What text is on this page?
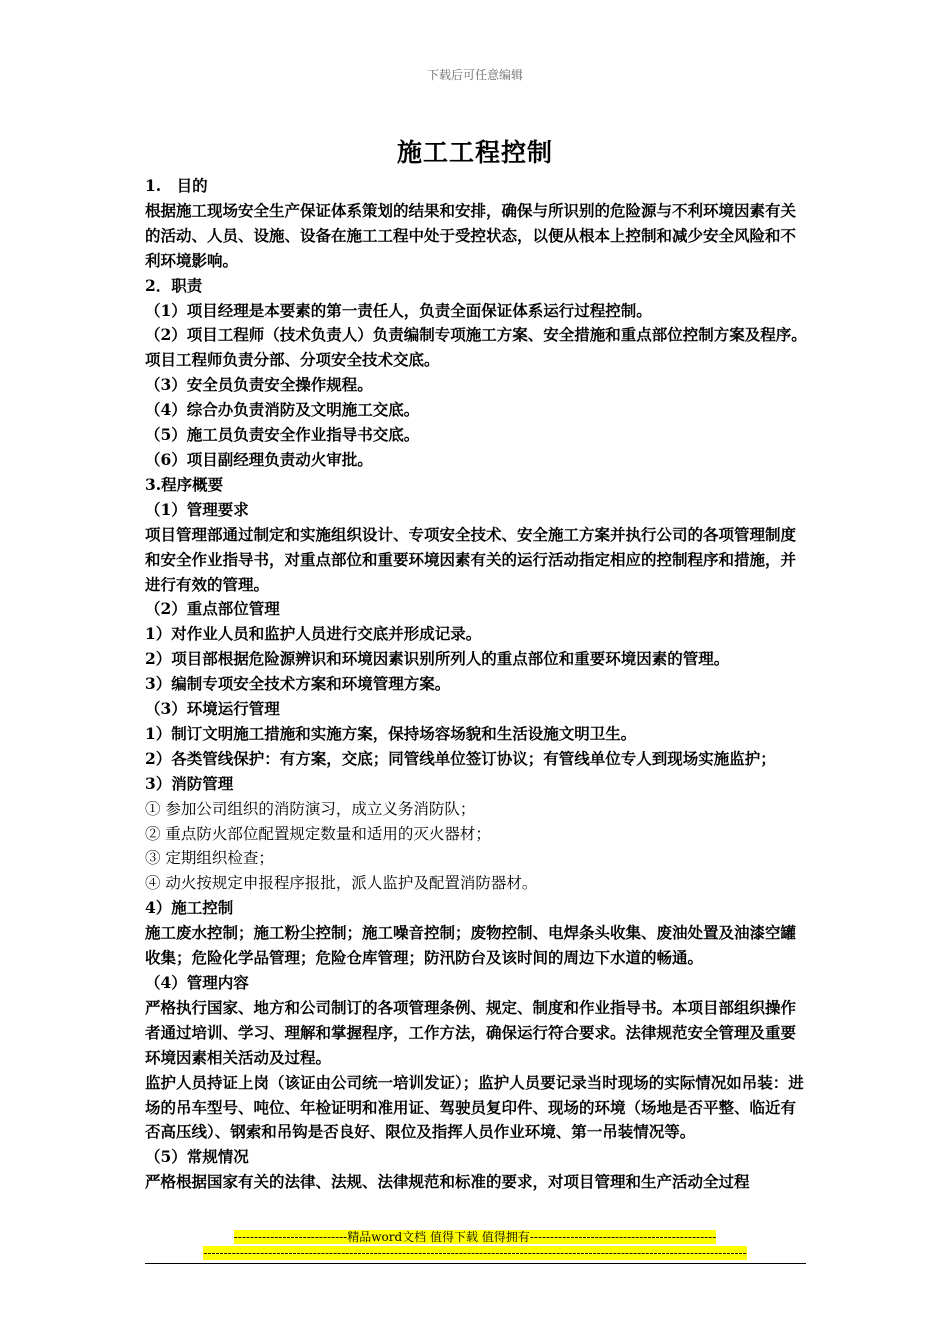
下载后可任意编辑
施工工程控制

1.　目的

根据施工现场安全生产保证体系策划的结果和安排，确保与所识别的危险源与不利环境因素有关的活动、人员、设施、设备在施工工程中处于受控状态，以便从根本上控制和减少安全风险和不利环境影响。

2．职责

（1）项目经理是本要素的第一责任人，负责全面保证体系运行过程控制。

（2）项目工程师（技术负责人）负责编制专项施工方案、安全措施和重点部位控制方案及程序。项目工程师负责分部、分项安全技术交底。

（3）安全员负责安全操作规程。

（4）综合办负责消防及文明施工交底。

（5）施工员负责安全作业指导书交底。

（6）项目副经理负责动火审批。

3.程序概要

（1）管理要求

项目管理部通过制定和实施组织设计、专项安全技术、安全施工方案并执行公司的各项管理制度和安全作业指导书，对重点部位和重要环境因素有关的运行活动指定相应的控制程序和措施，并进行有效的管理。

（2）重点部位管理

1）对作业人员和监护人员进行交底并形成记录。

2）项目部根据危险源辨识和环境因素识别所列人的重点部位和重要环境因素的管理。

3）编制专项安全技术方案和环境管理方案。

（3）环境运行管理

1）制订文明施工措施和实施方案，保持场容场貌和生活设施文明卫生。

2）各类管线保护：有方案，交底；同管线单位签订协议；有管线单位专人到现场实施监护；

3）消防管理

① 参加公司组织的消防演习，成立义务消防队；

② 重点防火部位配置规定数量和适用的灭火器材；

③ 定期组织检查；

④ 动火按规定申报程序报批，派人监护及配置消防器材。

4）施工控制

施工废水控制；施工粉尘控制；施工噪音控制；废物控制、电焊条头收集、废油处置及油漆空罐收集；危险化学品管理；危险仓库管理；防汛防台及该时间的周边下水道的畅通。

（4）管理内容

严格执行国家、地方和公司制订的各项管理条例、规定、制度和作业指导书。本项目部组织操作者通过培训、学习、理解和掌握程序，工作方法，确保运行符合要求。法律规范安全管理及重要环境因素相关活动及过程。

监护人员持证上岗（该证由公司统一培训发证）；监护人员要记录当时现场的实际情况如吊装：进场的吊车型号、吨位、年检证明和准用证、驾驶员复印件、现场的环境（场地是否平整、临近有否高压线）、钢索和吊钩是否良好、限位及指挥人员作业环境、第一吊装情况等。

（5）常规情况

严格根据国家有关的法律、法规、法律规范和标准的要求，对项目管理和生产活动全过程

----------------------------精品word文档 值得下载 值得拥有----------------------------------------------
--------------------------------------------------------------------------------------------------------------------------------------
